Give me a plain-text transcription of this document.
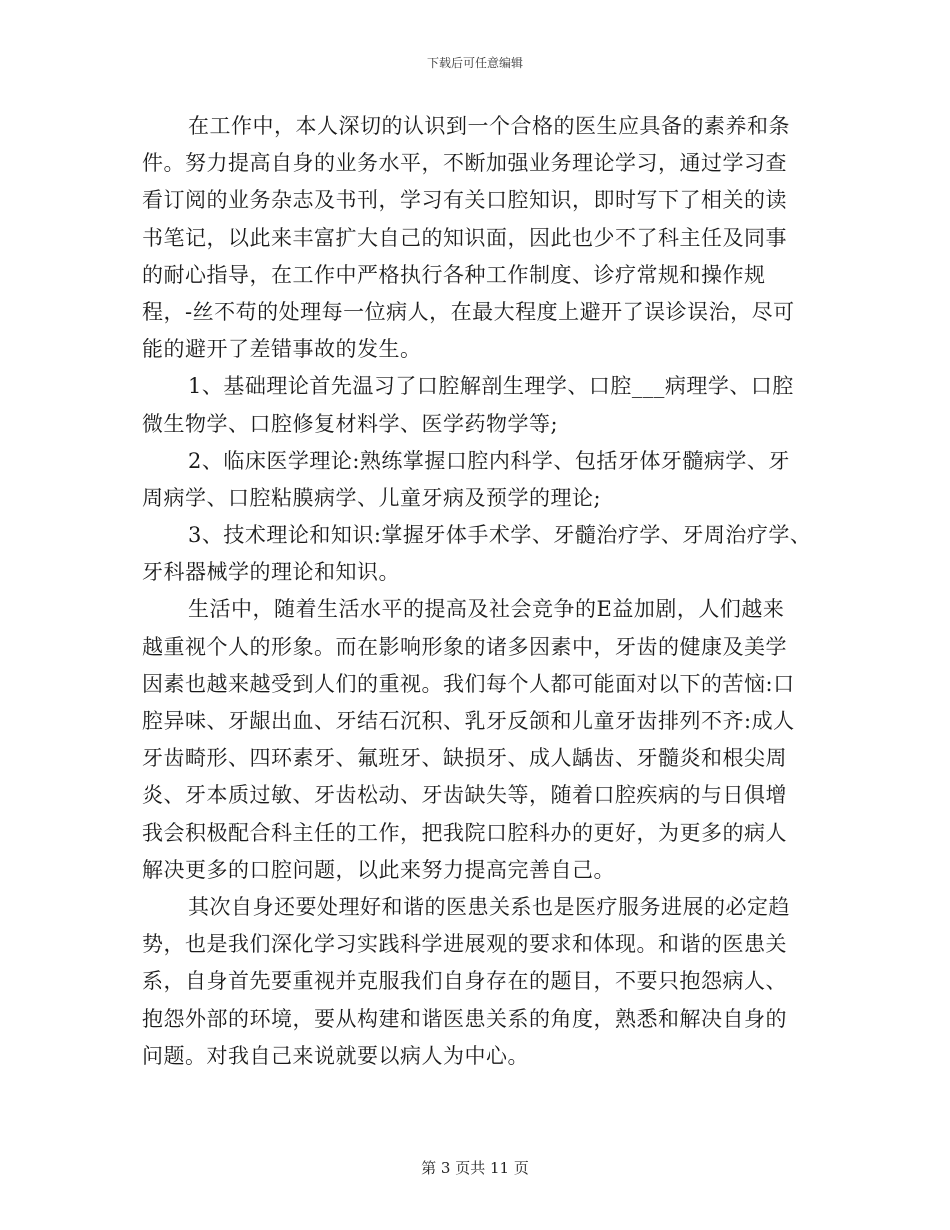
下载后可任意编辑
在工作中，本人深切的认识到一个合格的医生应具备的素养和条
件。努力提高自身的业务水平，不断加强业务理论学习，通过学习查
看订阅的业务杂志及书刊，学习有关口腔知识，即时写下了相关的读
书笔记，以此来丰富扩大自己的知识面，因此也少不了科主任及同事
的耐心指导，在工作中严格执行各种工作制度、诊疗常规和操作规
程，-丝不苟的处理每一位病人，在最大程度上避开了误诊误治，尽可
能的避开了差错事故的发生。
1、基础理论首先温习了口腔解剖生理学、口腔___病理学、口腔
微生物学、口腔修复材料学、医学药物学等;
2、临床医学理论:熟练掌握口腔内科学、包括牙体牙髓病学、牙
周病学、口腔粘膜病学、儿童牙病及预学的理论;
3、技术理论和知识:掌握牙体手术学、牙髓治疗学、牙周治疗学、
牙科器械学的理论和知识。
生活中，随着生活水平的提高及社会竞争的E益加剧，人们越来
越重视个人的形象。而在影响形象的诸多因素中，牙齿的健康及美学
因素也越来越受到人们的重视。我们每个人都可能面对以下的苦恼:口
腔异味、牙龈出血、牙结石沉积、乳牙反颌和儿童牙齿排列不齐:成人
牙齿畸形、四环素牙、氟班牙、缺损牙、成人龋齿、牙髓炎和根尖周
炎、牙本质过敏、牙齿松动、牙齿缺失等，随着口腔疾病的与日俱增
我会积极配合科主任的工作，把我院口腔科办的更好，为更多的病人
解决更多的口腔问题，以此来努力提高完善自己。
其次自身还要处理好和谐的医患关系也是医疗服务进展的必定趋
势，也是我们深化学习实践科学进展观的要求和体现。和谐的医患关
系，自身首先要重视并克服我们自身存在的题目，不要只抱怨病人、
抱怨外部的环境，要从构建和谐医患关系的角度，熟悉和解决自身的
问题。对我自己来说就要以病人为中心。
第 3 页共 11 页
